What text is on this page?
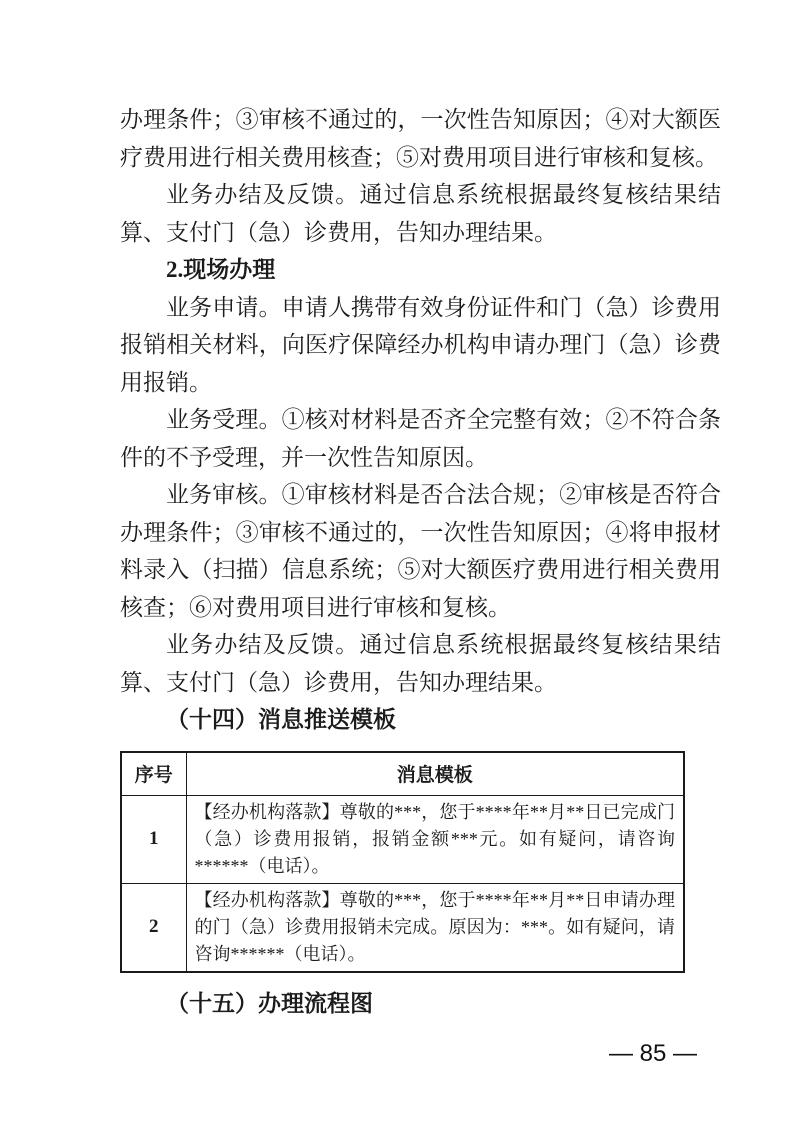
办理条件；③审核不通过的，一次性告知原因；④对大额医疗费用进行相关费用核查；⑤对费用项目进行审核和复核。

业务办结及反馈。通过信息系统根据最终复核结果结算、支付门（急）诊费用，告知办理结果。

2.现场办理

业务申请。申请人携带有效身份证件和门（急）诊费用报销相关材料，向医疗保障经办机构申请办理门（急）诊费用报销。

业务受理。①核对材料是否齐全完整有效；②不符合条件的不予受理，并一次性告知原因。

业务审核。①审核材料是否合法合规；②审核是否符合办理条件；③审核不通过的，一次性告知原因；④将申报材料录入（扫描）信息系统；⑤对大额医疗费用进行相关费用核查；⑥对费用项目进行审核和复核。

业务办结及反馈。通过信息系统根据最终复核结果结算、支付门（急）诊费用，告知办理结果。

（十四）消息推送模板

序号	消息模板
1	【经办机构落款】尊敬的***，您于****年**月**日已完成门（急）诊费用报销，报销金额***元。如有疑问，请咨询******（电话）。
2	【经办机构落款】尊敬的***，您于****年**月**日申请办理的门（急）诊费用报销未完成。原因为：***。如有疑问，请咨询******（电话）。

（十五）办理流程图

— 85 —
